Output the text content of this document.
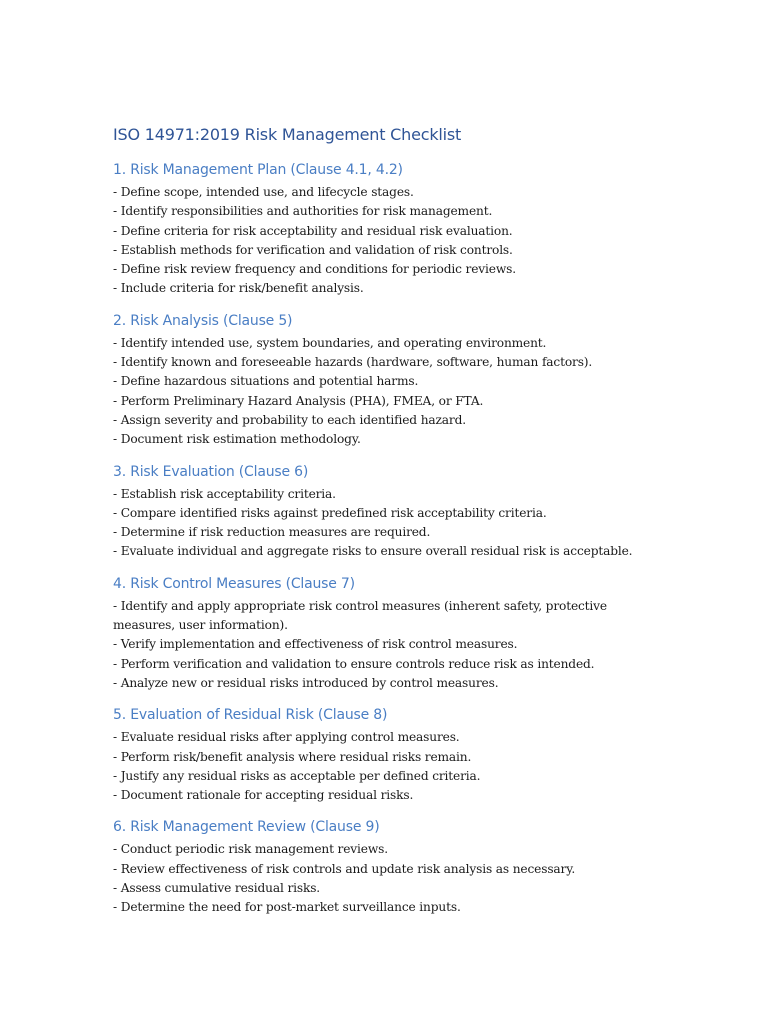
ISO 14971:2019 Risk Management Checklist
1. Risk Management Plan (Clause 4.1, 4.2)

- Define scope, intended use, and lifecycle stages.

- Identify responsibilities and authorities for risk management.

- Define criteria for risk acceptability and residual risk evaluation.

- Establish methods for verification and validation of risk controls.

- Define risk review frequency and conditions for periodic reviews.

- Include criteria for risk/benefit analysis.

2. Risk Analysis (Clause 5)

- Identify intended use, system boundaries, and operating environment.

- Identify known and foreseeable hazards (hardware, software, human factors).

- Define hazardous situations and potential harms.

- Perform Preliminary Hazard Analysis (PHA), FMEA, or FTA.

- Assign severity and probability to each identified hazard.

- Document risk estimation methodology.

3. Risk Evaluation (Clause 6)

- Establish risk acceptability criteria.

- Compare identified risks against predefined risk acceptability criteria.

- Determine if risk reduction measures are required.

- Evaluate individual and aggregate risks to ensure overall residual risk is acceptable.

4. Risk Control Measures (Clause 7)

- Identify and apply appropriate risk control measures (inherent safety, protective measures, user information).

- Verify implementation and effectiveness of risk control measures.

- Perform verification and validation to ensure controls reduce risk as intended.

- Analyze new or residual risks introduced by control measures.

5. Evaluation of Residual Risk (Clause 8)

- Evaluate residual risks after applying control measures.

- Perform risk/benefit analysis where residual risks remain.

- Justify any residual risks as acceptable per defined criteria.

- Document rationale for accepting residual risks.

6. Risk Management Review (Clause 9)

- Conduct periodic risk management reviews.

- Review effectiveness of risk controls and update risk analysis as necessary.

- Assess cumulative residual risks.

- Determine the need for post-market surveillance inputs.
